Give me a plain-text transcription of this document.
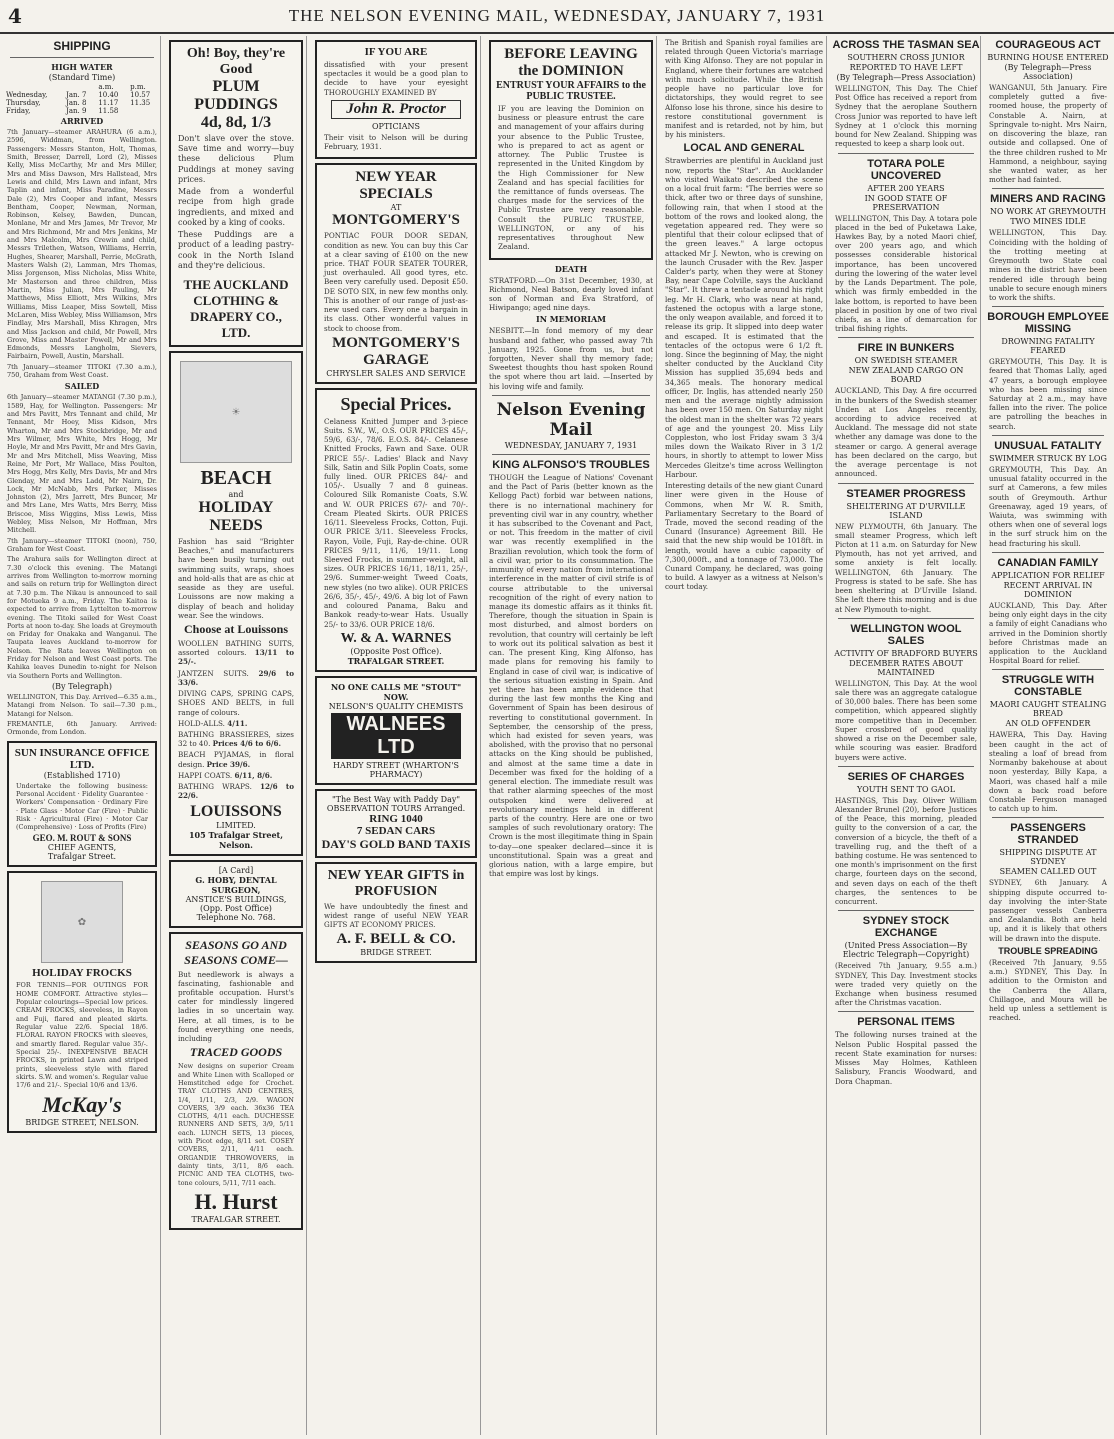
4	THE NELSON EVENING MAIL, WEDNESDAY, JANUARY 7, 1931
SHIPPING
HIGH WATER
(Standard Time)
		a.m.	p.m.
Wednesday,	Jan. 7	10.40	10.57
Thursday,	Jan. 8	11.17	11.35
Friday,	Jan. 9	11.58	
ARRIVED
7th January—steamer ARAHURA (6 a.m.), 2596, Widdman, from Wellington. Passengers: Messrs Stanton, Holt, Thomas, Smith, Bresser, Darrell, Lord (2), Misses Kelly, Miss McCarthy, Mr and Mrs Miller, Mrs and Miss Dawson, Mrs Hallstead, Mrs Lewis and child, Mrs Lawn and infant, Mrs Taplin and infant, Miss Paradine, Messrs Dale (2), Mrs Cooper and infant, Messrs Bentham, Cooper, Newman, Norman, Robinson, Kelsey, Bawden, Duncan, Monlane, Mr and Mrs James, Mr Trevor, Mr and Mrs Richmond, Mr and Mrs Jenkins, Mr and Mrs Malcolm, Mrs Crewin and child, Messrs Trilethen, Watson, Williams, Herrin, Hughes, Shearer, Marshall, Perrie, McGrath, Masters Walsh (2), Lamman, Mrs Thomas, Miss Jorgenson, Miss Nicholas, Miss White, Mr Masterson and three children, Miss Martin, Miss Julian, Mrs Pauling, Mr Matthews, Miss Elliott, Mrs Wilkins, Mrs Williams, Miss Leaper, Miss Sowtell, Miss McLaren, Miss Webley, Miss Williamson, Mrs Findlay, Mrs Marshall, Miss Khragen, Mrs and Miss Jackson and child, Mr Powell, Mrs Grove, Miss and Master Powell, Mr and Mrs Edmonds, Messrs Langholm, Sievers, Fairbairn, Powell, Austin, Marshall.
7th January—steamer TITOKI (7.30 a.m.), 750, Graham from West Coast.
SAILED
6th January—steamer MATANGI (7.30 p.m.), 1589, Hay, for Wellington. Passengers: Mr and Mrs Pavitt, Mrs Tennant and child, Mr Tennant, Mr Hoey, Miss Kidson, Mrs Wharton, Mr and Mrs Stockbridge, Mr and Mrs Wilmer, Mrs White, Mrs Hogg, Mr Hoyle, Mr and Mrs Pavitt, Mr and Mrs Gavin, Mr and Mrs Mitchell, Miss Weaving, Miss Reine, Mr Port, Mr Wallace, Miss Poulton, Mrs Hogg, Mrs Kelly, Mrs Davis, Mr and Mrs Glenday, Mr and Mrs Ladd, Mr Nairn, Dr. Lock, Mr McNabb, Mrs Parker, Misses Johnston (2), Mrs Jarrett, Mrs Buncer, Mr and Mrs Lane, Mrs Watts, Mrs Berry, Miss Briscoe, Miss Wiggins, Miss Lewis, Miss Webley, Miss Nelson, Mr Hoffman, Mrs Mitchell.
7th January—steamer TITOKI (noon), 750, Graham for West Coast.
The Arahura sails for Wellington direct at 7.30 o'clock this evening. The Matangi arrives from Wellington to-morrow morning and sails on return trip for Wellington direct at 7.30 p.m. The Nikau is announced to sail for Motueka 9 a.m., Friday. The Kaitoa is expected to arrive from Lyttelton to-morrow evening. The Titoki sailed for West Coast Ports at noon to-day. She loads at Greymouth on Friday for Onakaka and Wanganui. The Taupata leaves Auckland to-morrow for Nelson. The Rata leaves Wellington on Friday for Nelson and West Coast ports. The Kahika leaves Dunedin to-night for Nelson via Southern Ports and Wellington.
(By Telegraph)
WELLINGTON, This Day. Arrived—6.35 a.m., Matangi from Nelson. To sail—7.30 p.m., Matangi for Nelson.
FREMANTLE, 6th January. Arrived: Ormonde, from London.
SUN INSURANCE OFFICE LTD.
(Established 1710)
Undertake the following business: Personal Accident · Fidelity Guarantee · Workers' Compensation · Ordinary Fire · Plate Glass · Motor Car (Fire) · Public Risk · Agricultural (Fire) · Motor Car (Comprehensive) · Loss of Profits (Fire)
GEO. M. ROUT & SONS
CHIEF AGENTS,
Trafalgar Street.
✿
HOLIDAY FROCKS
FOR TENNIS—FOR OUTINGS FOR HOME COMFORT. Attractive styles—Popular colourings—Special low prices. CREAM FROCKS, sleeveless, in Rayon and Fuji, flared and pleated skirts. Regular value 22/6. Special 18/6. FLORAL RAYON FROCKS with sleeves, and smartly flared. Regular value 35/-. Special 25/-. INEXPENSIVE BEACH FROCKS, in printed Lawn and striped prints, sleeveless style with flared skirts. S.W. and women's. Regular value 17/6 and 21/-. Special 10/6 and 13/6.
McKay's
BRIDGE STREET, NELSON.
Oh! Boy, they're Good
PLUM PUDDINGS
4d, 8d, 1/3
Don't slave over the stove. Save time and worry—buy these delicious Plum Puddings at money saving prices.
Made from a wonderful recipe from high grade ingredients, and mixed and cooked by a king of cooks.
These Puddings are a product of a leading pastry-cook in the North Island and they're delicious.
THE AUCKLAND CLOTHING & DRAPERY CO., LTD.
☀
BEACH
and
HOLIDAY NEEDS
Fashion has said "Brighter Beaches," and manufacturers have been busily turning out swimming suits, wraps, shoes and hold-alls that are as chic at seaside as they are useful. Louissons are now making a display of beach and holiday wear. See the windows.
Choose at Louissons
WOOLLEN BATHING SUITS, assorted colours. 13/11 to 25/-.
JANTZEN SUITS. 29/6 to 33/6.
DIVING CAPS, SPRING CAPS, SHOES AND BELTS, in full range of colours.
HOLD-ALLS. 4/11.
BATHING BRASSIERES, sizes 32 to 40. Prices 4/6 to 6/6.
BEACH PYJAMAS, in floral design. Price 39/6.
HAPPI COATS. 6/11, 8/6.
BATHING WRAPS. 12/6 to 22/6.
LOUISSONS
LIMITED.
105 Trafalgar Street, Nelson.
[A Card]
G. HOBY, DENTAL SURGEON,
ANSTICE'S BUILDINGS, (Opp. Post Office)
Telephone No. 768.
SEASONS GO AND SEASONS COME—
But needlework is always a fascinating, fashionable and profitable occupation. Hurst's cater for mindlessly lingered ladies in so uncertain way. Here, at all times, is to be found everything one needs, including
TRACED GOODS
New designs on superior Cream and White Linen with Scalloped or Hemstitched edge for Crochet. TRAY CLOTHS AND CENTRES, 1/4, 1/11, 2/3, 2/9. WAGON COVERS, 3/9 each. 36x36 TEA CLOTHS, 4/11 each. DUCHESSE RUNNERS AND SETS, 3/9, 5/11 each. LUNCH SETS, 13 pieces, with Picot edge, 8/11 set. COSEY COVERS, 2/11, 4/11 each. ORGANDIE THROWOVERS, in dainty tints, 3/11, 8/6 each. PICNIC AND TEA CLOTHS, two-tone colours, 5/11, 7/11 each.
H. Hurst
TRAFALGAR STREET.
IF YOU ARE
dissatisfied with your present spectacles it would be a good plan to decide to have your eyesight THOROUGHLY EXAMINED BY
John R. Proctor
OPTICIANS
Their visit to Nelson will be during February, 1931.
NEW YEAR SPECIALS
AT
MONTGOMERY'S
PONTIAC FOUR DOOR SEDAN, condition as new. You can buy this Car at a clear saving of £100 on the new price. THAT FOUR SEATER TOURER, just overhauled. All good tyres, etc. Been very carefully used. Deposit £50. DE SOTO SIX, in new few months only. This is another of our range of just-as-new used cars. Every one a bargain in its class. Other wonderful values in stock to choose from.
MONTGOMERY'S GARAGE
CHRYSLER SALES AND SERVICE
Special Prices.
Celaness Knitted Jumper and 3-piece Suits. S.W., W., O.S. OUR PRICES 45/-, 59/6, 63/-, 78/6. E.O.S. 84/-. Celanese Knitted Frocks, Fawn and Saxe. OUR PRICE 55/-. Ladies' Black and Navy Silk, Satin and Silk Poplin Coats, some fully lined. OUR PRICES 84/- and 105/-. Usually 7 and 8 guineas. Coloured Silk Romaniste Coats, S.W. and W. OUR PRICES 67/- and 70/-. Cream Pleated Skirts. OUR PRICES 16/11. Sleeveless Frocks, Cotton, Fuji. OUR PRICE 3/11. Sleeveless Frocks, Rayon, Voile, Fuji, Ray-de-chine. OUR PRICES 9/11, 11/6, 19/11. Long Sleeved Frocks, in summer-weight, all sizes. OUR PRICES 16/11, 18/11, 25/-, 29/6. Summer-weight Tweed Coats, new styles (no two alike). OUR PRICES 26/6, 35/-, 45/-, 49/6. A big lot of Fawn and coloured Panama, Baku and Bankok ready-to-wear Hats. Usually 25/- to 33/6. OUR PRICE 18/6.
W. & A. WARNES
(Opposite Post Office).
TRAFALGAR STREET.
NO ONE CALLS ME "STOUT" NOW.
NELSON'S QUALITY CHEMISTS
WALNEES LTD
HARDY STREET (WHARTON'S PHARMACY)
"The Best Way with Paddy Day"
OBSERVATION TOURS Arranged.
RING 1040
7 SEDAN CARS
DAY'S GOLD BAND TAXIS
NEW YEAR GIFTS in PROFUSION
We have undoubtedly the finest and widest range of useful NEW YEAR GIFTS AT ECONOMY PRICES.
A. F. BELL & CO.
BRIDGE STREET.
BEFORE LEAVING the DOMINION
ENTRUST YOUR AFFAIRS to the PUBLIC TRUSTEE.
IF you are leaving the Dominion on business or pleasure entrust the care and management of your affairs during your absence to the Public Trustee, who is prepared to act as agent or attorney. The Public Trustee is represented in the United Kingdom by the High Commissioner for New Zealand and has special facilities for the remittance of funds overseas. The charges made for the services of the Public Trustee are very reasonable. Consult the PUBLIC TRUSTEE, WELLINGTON, or any of his representatives throughout New Zealand.
DEATH
STRATFORD.—On 31st December, 1930, at Richmond, Neal Batson, dearly loved infant son of Norman and Eva Stratford, of Hiwipango; aged nine days.
IN MEMORIAM
NESBITT.—In fond memory of my dear husband and father, who passed away 7th January, 1925. Gone from us, but not forgotten, Never shall thy memory fade; Sweetest thoughts thou hast spoken Round the spot where thou art laid. —Inserted by his loving wife and family.
Nelson Evening Mail
WEDNESDAY, JANUARY 7, 1931
KING ALFONSO'S TROUBLES
THOUGH the League of Nations' Covenant and the Pact of Paris (better known as the Kellogg Pact) forbid war between nations, there is no international machinery for preventing civil war in any country, whether it has subscribed to the Covenant and Pact, or not. This freedom in the matter of civil war was recently exemplified in the Brazilian revolution, which took the form of a civil war, prior to its consummation. The immunity of every nation from international interference in the matter of civil strife is of course attributable to the universal recognition of the right of every nation to manage its domestic affairs as it thinks fit. Therefore, though the situation in Spain is most disturbed, and almost borders on revolution, that country will certainly be left to work out its political salvation as best it can. The present King, King Alfonso, has made plans for removing his family to England in case of civil war, is indicative of the serious situation existing in Spain. And yet there has been ample evidence that during the last few months the King and Government of Spain has been desirous of reverting to constitutional government. In September, the censorship of the press, which had existed for seven years, was abolished, with the proviso that no personal attacks on the King should be published, and almost at the same time a date in December was fixed for the holding of a general election. The immediate result was that rather alarming speeches of the most outspoken kind were delivered at revolutionary meetings held in different parts of the country. Here are one or two samples of such revolutionary oratory: The Crown is the most illegitimate thing in Spain to-day—one speaker declared—since it is unconstitutional. Spain was a great and glorious nation, with a large empire, but that empire was lost by kings.
The British and Spanish royal families are related through Queen Victoria's marriage with King Alfonso. They are not popular in England, where their fortunes are watched with much solicitude. While the British people have no particular love for dictatorships, they would regret to see Alfonso lose his throne, since his desire to restore constitutional government is manifest and is retarded, not by him, but by his ministers.
LOCAL AND GENERAL
Strawberries are plentiful in Auckland just now, reports the "Star". An Aucklander who visited Waikato described the scene on a local fruit farm: "The berries were so thick, after two or three days of sunshine, following rain, that when I stood at the bottom of the rows and looked along, the vegetation appeared red. They were so plentiful that their colour eclipsed that of the green leaves." A large octopus attacked Mr J. Newton, who is crewing on the launch Crusader with the Rev. Jasper Calder's party, when they were at Stoney Bay, near Cape Colville, says the Auckland "Star". It threw a tentacle around his right leg. Mr H. Clark, who was near at hand, fastened the octopus with a large stone, the only weapon available, and forced it to release its grip. It slipped into deep water and escaped. It is estimated that the tentacles of the octopus were 6 1/2 ft. long. Since the beginning of May, the night shelter conducted by the Auckland City Mission has supplied 35,694 beds and 34,365 meals. The honorary medical officer, Dr. Inglis, has attended nearly 250 men and the average nightly admission has been over 150 men. On Saturday night the oldest man in the shelter was 72 years of age and the youngest 20. Miss Lily Coppleston, who lost Friday swam 3 3/4 miles down the Waikato River in 3 1/2 hours, in shortly to attempt to lower Miss Mercedes Gleitze's time across Wellington Harbour.
Interesting details of the new giant Cunard liner were given in the House of Commons, when Mr W. R. Smith, Parliamentary Secretary to the Board of Trade, moved the second reading of the Cunard (Insurance) Agreement Bill. He said that the new ship would be 1018ft. in length, would have a cubic capacity of 7,300,000ft., and a tonnage of 73,000. The Cunard Company, he declared, was going to build. A lawyer as a witness at Nelson's court today.
ACROSS THE TASMAN SEA
SOUTHERN CROSS JUNIOR
REPORTED TO HAVE LEFT
(By Telegraph—Press Association)
WELLINGTON, This Day. The Chief Post Office has received a report from Sydney that the aeroplane Southern Cross Junior was reported to have left Sydney at 1 o'clock this morning bound for New Zealand. Shipping was requested to keep a sharp look out.
TOTARA POLE UNCOVERED
AFTER 200 YEARS
IN GOOD STATE OF PRESERVATION
WELLINGTON, This Day. A totara pole placed in the bed of Puketawa Lake, Hawkes Bay, by a noted Maori chief, over 200 years ago, and which possesses considerable historical importance, has been uncovered during the lowering of the water level by the Lands Department. The pole, which was firmly embedded in the lake bottom, is reported to have been placed in position by one of two rival chiefs, as a line of demarcation for tribal fishing rights.
FIRE IN BUNKERS
ON SWEDISH STEAMER
NEW ZEALAND CARGO ON BOARD
AUCKLAND, This Day. A fire occurred in the bunkers of the Swedish steamer Unden at Los Angeles recently, according to advice received at Auckland. The message did not state whether any damage was done to the steamer or cargo. A general average has been declared on the cargo, but the average percentage is not announced.
STEAMER PROGRESS
SHELTERING AT D'URVILLE ISLAND
NEW PLYMOUTH, 6th January. The small steamer Progress, which left Picton at 11 a.m. on Saturday for New Plymouth, has not yet arrived, and some anxiety is felt locally. WELLINGTON, 6th January. The Progress is stated to be safe. She has been sheltering at D'Urville Island. She left there this morning and is due at New Plymouth to-night.
WELLINGTON WOOL SALES
ACTIVITY OF BRADFORD BUYERS
DECEMBER RATES ABOUT MAINTAINED
WELLINGTON, This Day. At the wool sale there was an aggregate catalogue of 30,000 bales. There has been some competition, which appeared slightly more competitive than in December. Super crossbred of good quality showed a rise on the December sale, while scouring was easier. Bradford buyers were active.
SERIES OF CHARGES
YOUTH SENT TO GAOL
HASTINGS, This Day. Oliver William Alexander Brunel (20), before Justices of the Peace, this morning, pleaded guilty to the conversion of a car, the conversion of a bicycle, the theft of a travelling rug, and the theft of a bathing costume. He was sentenced to one month's imprisonment on the first charge, fourteen days on the second, and seven days on each of the theft charges, the sentences to be concurrent.
SYDNEY STOCK EXCHANGE
(United Press Association—By Electric Telegraph—Copyright)
(Received 7th January, 9.55 a.m.) SYDNEY, This Day. Investment stocks were traded very quietly on the Exchange when business resumed after the Christmas vacation.
PERSONAL ITEMS
The following nurses trained at the Nelson Public Hospital passed the recent State examination for nurses: Misses May Holmes, Kathleen Salisbury, Francis Woodward, and Dora Chapman.
COURAGEOUS ACT
BURNING HOUSE ENTERED
(By Telegraph—Press Association)
WANGANUI, 5th January. Fire completely gutted a five-roomed house, the property of Constable A. Nairn, at Springvale to-night. Mrs Nairn, on discovering the blaze, ran outside and collapsed. One of the three children rushed to Mr Hammond, a neighbour, saying she wanted water, as her mother had fainted.
MINERS AND RACING
NO WORK AT GREYMOUTH
TWO MINES IDLE
WELLINGTON, This Day. Coinciding with the holding of the trotting meeting at Greymouth two State coal mines in the district have been rendered idle through being unable to secure enough miners to work the shifts.
BOROUGH EMPLOYEE MISSING
DROWNING FATALITY FEARED
GREYMOUTH, This Day. It is feared that Thomas Lally, aged 47 years, a borough employee who has been missing since Saturday at 2 a.m., may have fallen into the river. The police are patrolling the beaches in search.
UNUSUAL FATALITY
SWIMMER STRUCK BY LOG
GREYMOUTH, This Day. An unusual fatality occurred in the surf at Camerons, a few miles south of Greymouth. Arthur Greenaway, aged 19 years, of Waiuta, was swimming with others when one of several logs in the surf struck him on the head fracturing his skull.
CANADIAN FAMILY
APPLICATION FOR RELIEF
RECENT ARRIVAL IN DOMINION
AUCKLAND, This Day. After being only eight days in the city a family of eight Canadians who arrived in the Dominion shortly before Christmas made an application to the Auckland Hospital Board for relief.
STRUGGLE WITH CONSTABLE
MAORI CAUGHT STEALING BREAD
AN OLD OFFENDER
HAWERA, This Day. Having been caught in the act of stealing a loaf of bread from Normanby bakehouse at about noon yesterday, Billy Kapa, a Maori, was chased half a mile down a back road before Constable Ferguson managed to catch up to him.
PASSENGERS STRANDED
SHIPPING DISPUTE AT SYDNEY
SEAMEN CALLED OUT
SYDNEY, 6th January. A shipping dispute occurred to-day involving the inter-State passenger vessels Canberra and Zealandia. Both are held up, and it is likely that others will be drawn into the dispute.
TROUBLE SPREADING
(Received 7th January, 9.55 a.m.) SYDNEY, This Day. In addition to the Ormiston and the Canberra the Allara, Chillagoe, and Moura will be held up unless a settlement is reached.
